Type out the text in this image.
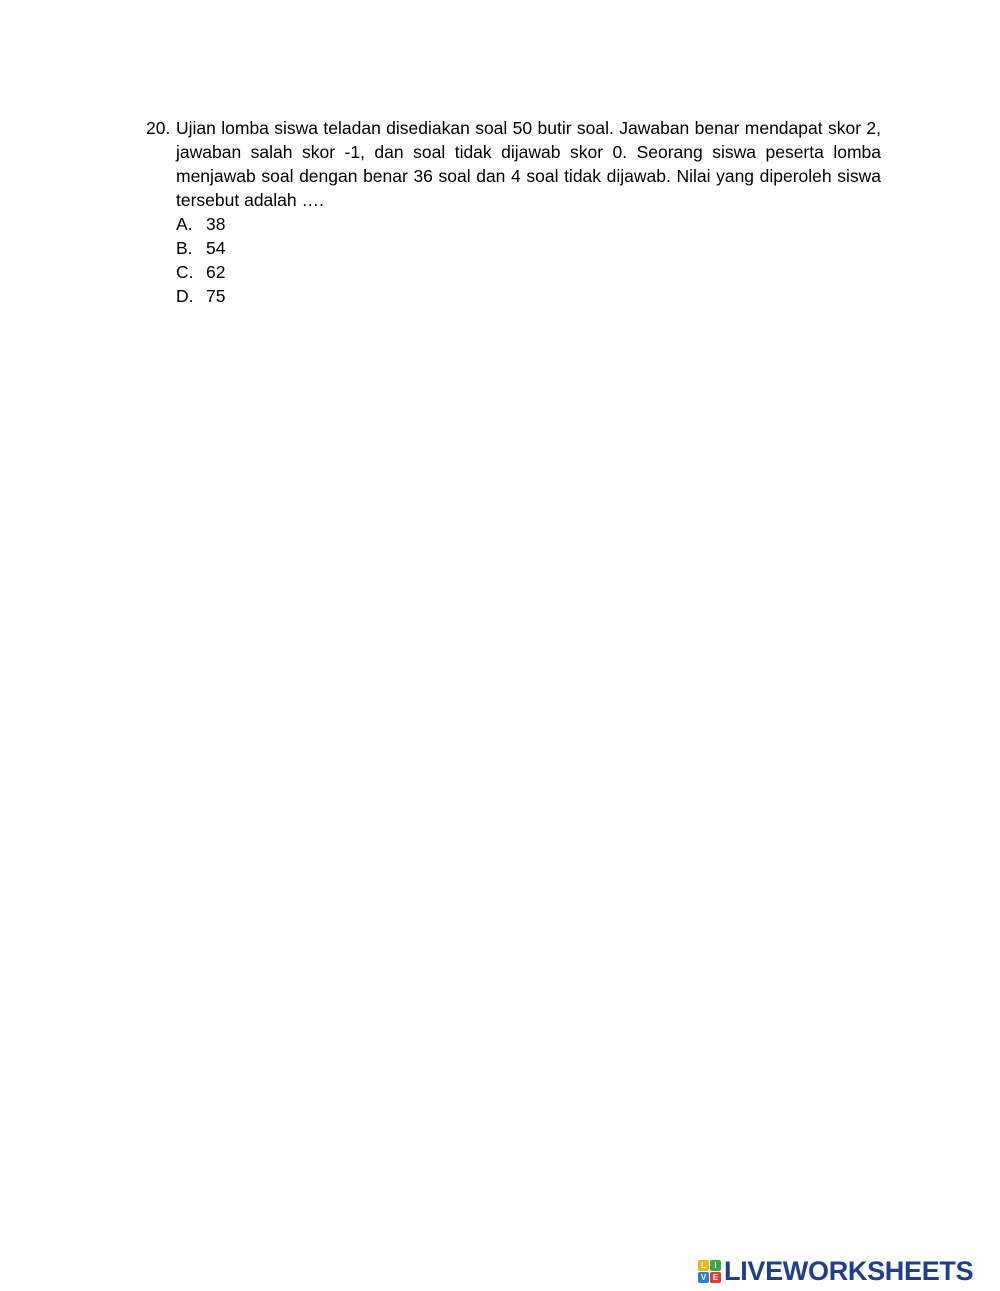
20. Ujian lomba siswa teladan disediakan soal 50 butir soal. Jawaban benar mendapat skor 2, jawaban salah skor -1, dan soal tidak dijawab skor 0. Seorang siswa peserta lomba menjawab soal dengan benar 36 soal dan 4 soal tidak dijawab. Nilai yang diperoleh siswa tersebut adalah ….
A. 38
B. 54
C. 62
D. 75
L	I
V E LIVEWORKSHEETS
